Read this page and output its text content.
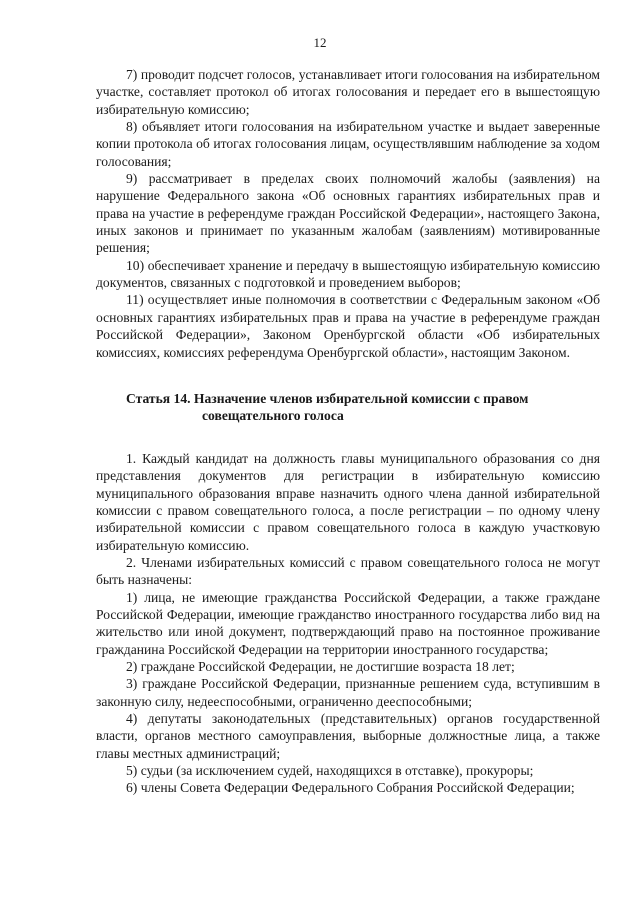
12

7) проводит подсчет голосов, устанавливает итоги голосования на избирательном участке, составляет протокол об итогах голосования и передает его в вышестоящую избирательную комиссию;

8) объявляет итоги голосования на избирательном участке и выдает заверенные копии протокола об итогах голосования лицам, осуществлявшим наблюдение за ходом голосования;

9) рассматривает в пределах своих полномочий жалобы (заявления) на нарушение Федерального закона «Об основных гарантиях избирательных прав и права на участие в референдуме граждан Российской Федерации», настоящего Закона, иных законов и принимает по указанным жалобам (заявлениям) мотивированные решения;

10) обеспечивает хранение и передачу в вышестоящую избирательную комиссию документов, связанных с подготовкой и проведением выборов;

11) осуществляет иные полномочия в соответствии с Федеральным законом «Об основных гарантиях избирательных прав и права на участие в референдуме граждан Российской Федерации», Законом Оренбургской области «Об избирательных комиссиях, комиссиях референдума Оренбургской области», настоящим Законом.

Статья 14. Назначение членов избирательной комиссии с правом
совещательного голоса

1. Каждый кандидат на должность главы муниципального образования со дня представления документов для регистрации в избирательную комиссию муниципального образования вправе назначить одного члена данной избирательной комиссии с правом совещательного голоса, а после регистрации – по одному члену избирательной комиссии с правом совещательного голоса в каждую участковую избирательную комиссию.

2. Членами избирательных комиссий с правом совещательного голоса не могут быть назначены:

1) лица, не имеющие гражданства Российской Федерации, а также граждане Российской Федерации, имеющие гражданство иностранного государства либо вид на жительство или иной документ, подтверждающий право на постоянное проживание гражданина Российской Федерации на территории иностранного государства;

2) граждане Российской Федерации, не достигшие возраста 18 лет;

3) граждане Российской Федерации, признанные решением суда, вступившим в законную силу, недееспособными, ограниченно дееспособными;

4) депутаты законодательных (представительных) органов государственной власти, органов местного самоуправления, выборные должностные лица, а также главы местных администраций;

5) судьи (за исключением судей, находящихся в отставке), прокуроры;

6) члены Совета Федерации Федерального Собрания Российской Федерации;
